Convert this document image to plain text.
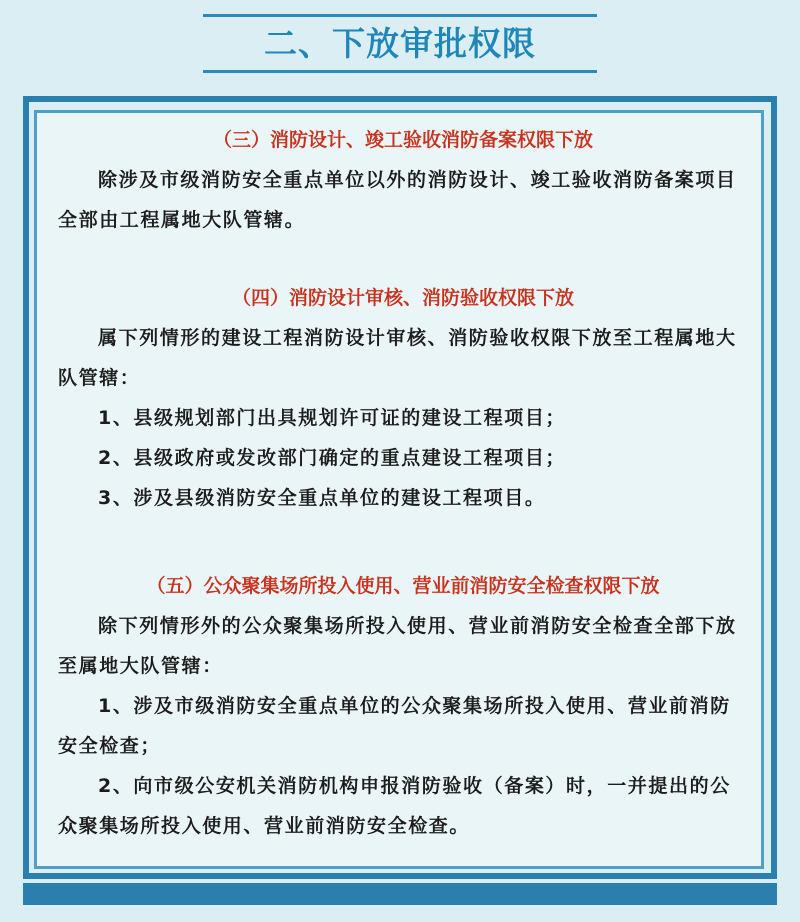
二、下放审批权限

（三）消防设计、竣工验收消防备案权限下放

除涉及市级消防安全重点单位以外的消防设计、竣工验收消防备案项目全部由工程属地大队管辖。

（四）消防设计审核、消防验收权限下放

属下列情形的建设工程消防设计审核、消防验收权限下放至工程属地大队管辖：

1、县级规划部门出具规划许可证的建设工程项目；

2、县级政府或发改部门确定的重点建设工程项目；

3、涉及县级消防安全重点单位的建设工程项目。

（五）公众聚集场所投入使用、营业前消防安全检查权限下放

除下列情形外的公众聚集场所投入使用、营业前消防安全检查全部下放至属地大队管辖：

1、涉及市级消防安全重点单位的公众聚集场所投入使用、营业前消防安全检查；

2、向市级公安机关消防机构申报消防验收（备案）时，一并提出的公众聚集场所投入使用、营业前消防安全检查。
